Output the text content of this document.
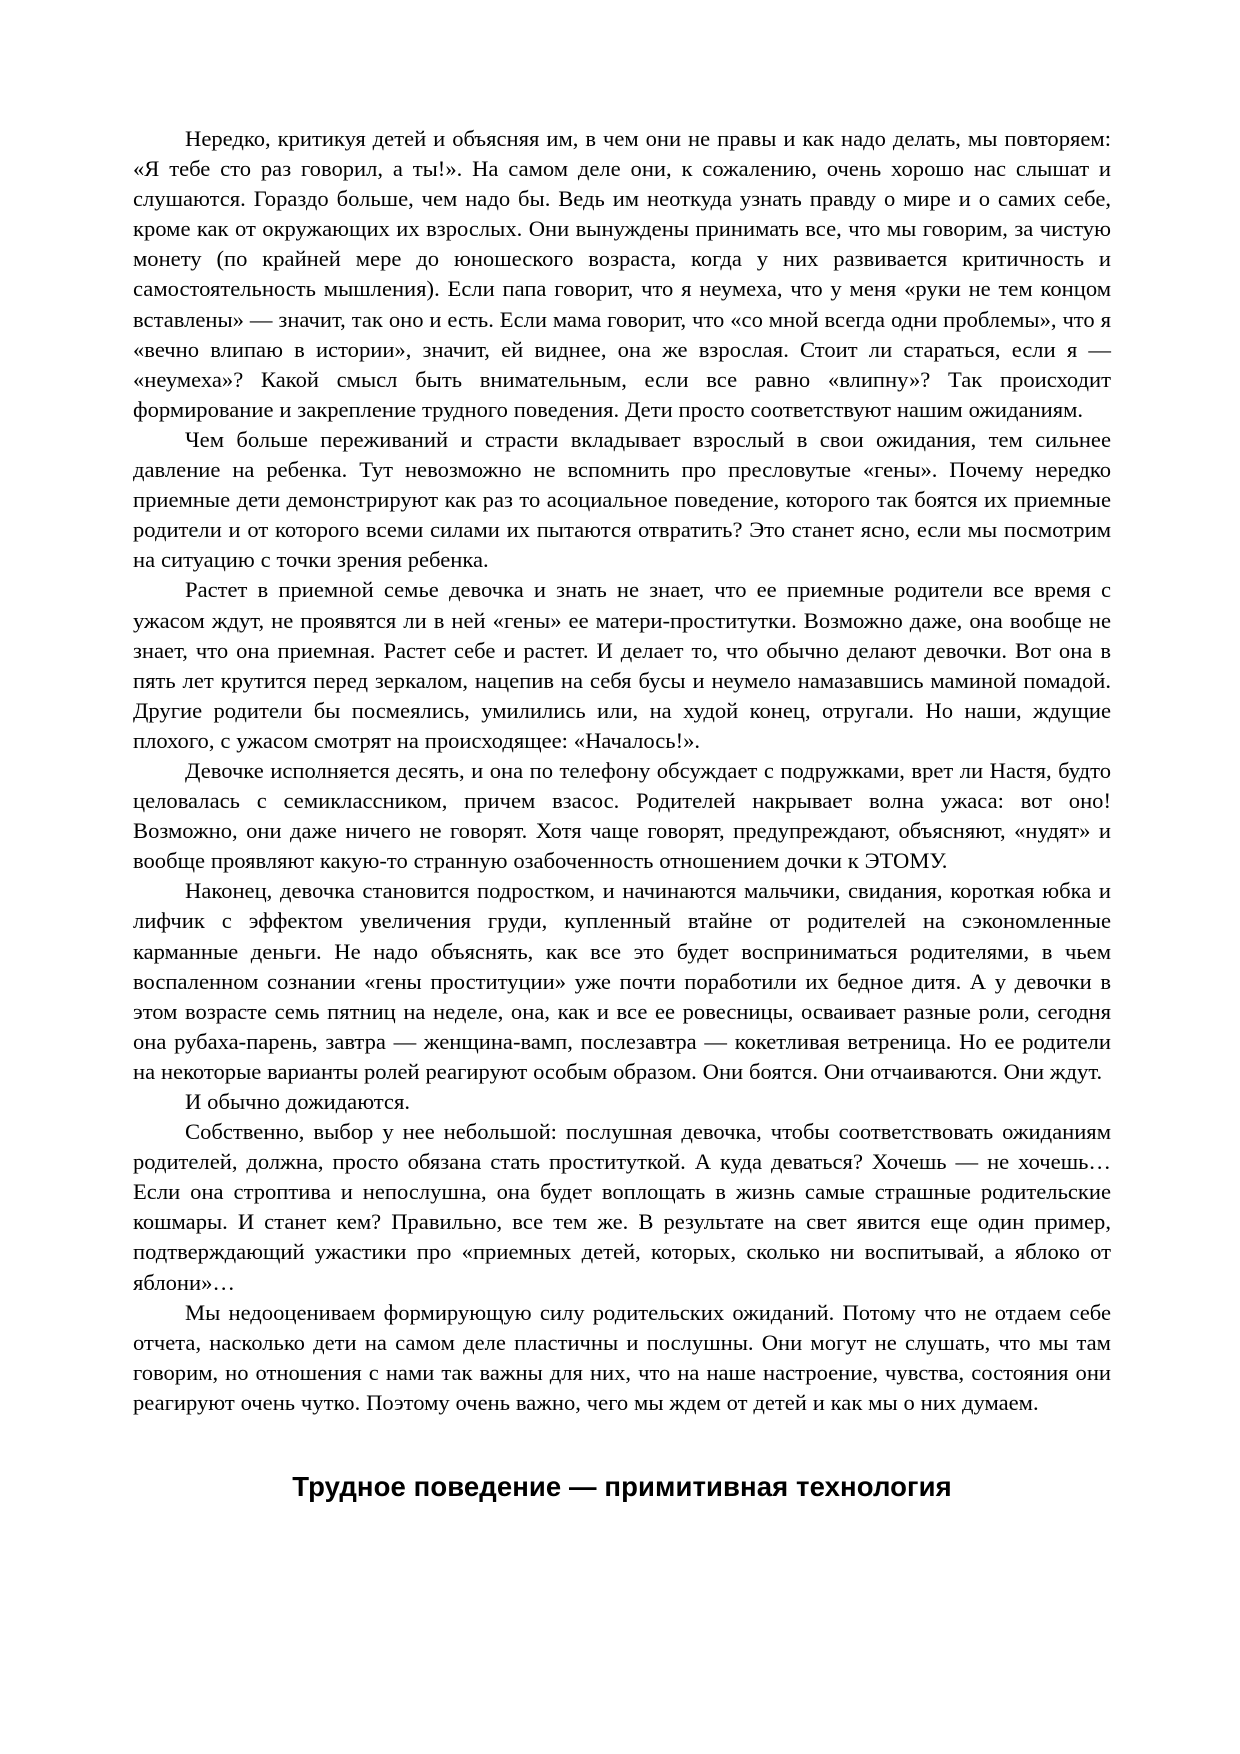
Нередко, критикуя детей и объясняя им, в чем они не правы и как надо делать, мы повторяем: «Я тебе сто раз говорил, а ты!». На самом деле они, к сожалению, очень хорошо нас слышат и слушаются. Гораздо больше, чем надо бы. Ведь им неоткуда узнать правду о мире и о самих себе, кроме как от окружающих их взрослых. Они вынуждены принимать все, что мы говорим, за чистую монету (по крайней мере до юношеского возраста, когда у них развивается критичность и самостоятельность мышления). Если папа говорит, что я неумеха, что у меня «руки не тем концом вставлены» — значит, так оно и есть. Если мама говорит, что «со мной всегда одни проблемы», что я «вечно влипаю в истории», значит, ей виднее, она же взрослая. Стоит ли стараться, если я — «неумеха»? Какой смысл быть внимательным, если все равно «влипну»? Так происходит формирование и закрепление трудного поведения. Дети просто соответствуют нашим ожиданиям.

Чем больше переживаний и страсти вкладывает взрослый в свои ожидания, тем сильнее давление на ребенка. Тут невозможно не вспомнить про пресловутые «гены». Почему нередко приемные дети демонстрируют как раз то асоциальное поведение, которого так боятся их приемные родители и от которого всеми силами их пытаются отвратить? Это станет ясно, если мы посмотрим на ситуацию с точки зрения ребенка.

Растет в приемной семье девочка и знать не знает, что ее приемные родители все время с ужасом ждут, не проявятся ли в ней «гены» ее матери-проститутки. Возможно даже, она вообще не знает, что она приемная. Растет себе и растет. И делает то, что обычно делают девочки. Вот она в пять лет крутится перед зеркалом, нацепив на себя бусы и неумело намазавшись маминой помадой. Другие родители бы посмеялись, умилились или, на худой конец, отругали. Но наши, ждущие плохого, с ужасом смотрят на происходящее: «Началось!».

Девочке исполняется десять, и она по телефону обсуждает с подружками, врет ли Настя, будто целовалась с семиклассником, причем взасос. Родителей накрывает волна ужаса: вот оно! Возможно, они даже ничего не говорят. Хотя чаще говорят, предупреждают, объясняют, «нудят» и вообще проявляют какую-то странную озабоченность отношением дочки к ЭТОМУ.

Наконец, девочка становится подростком, и начинаются мальчики, свидания, короткая юбка и лифчик с эффектом увеличения груди, купленный втайне от родителей на сэкономленные карманные деньги. Не надо объяснять, как все это будет восприниматься родителями, в чьем воспаленном сознании «гены проституции» уже почти поработили их бедное дитя. А у девочки в этом возрасте семь пятниц на неделе, она, как и все ее ровесницы, осваивает разные роли, сегодня она рубаха-парень, завтра — женщина-вамп, послезавтра — кокетливая ветреница. Но ее родители на некоторые варианты ролей реагируют особым образом. Они боятся. Они отчаиваются. Они ждут.

И обычно дожидаются.

Собственно, выбор у нее небольшой: послушная девочка, чтобы соответствовать ожиданиям родителей, должна, просто обязана стать проституткой. А куда деваться? Хочешь — не хочешь… Если она строптива и непослушна, она будет воплощать в жизнь самые страшные родительские кошмары. И станет кем? Правильно, все тем же. В результате на свет явится еще один пример, подтверждающий ужастики про «приемных детей, которых, сколько ни воспитывай, а яблоко от яблони»…

Мы недооцениваем формирующую силу родительских ожиданий. Потому что не отдаем себе отчета, насколько дети на самом деле пластичны и послушны. Они могут не слушать, что мы там говорим, но отношения с нами так важны для них, что на наше настроение, чувства, состояния они реагируют очень чутко. Поэтому очень важно, чего мы ждем от детей и как мы о них думаем.

Трудное поведение — примитивная технология
